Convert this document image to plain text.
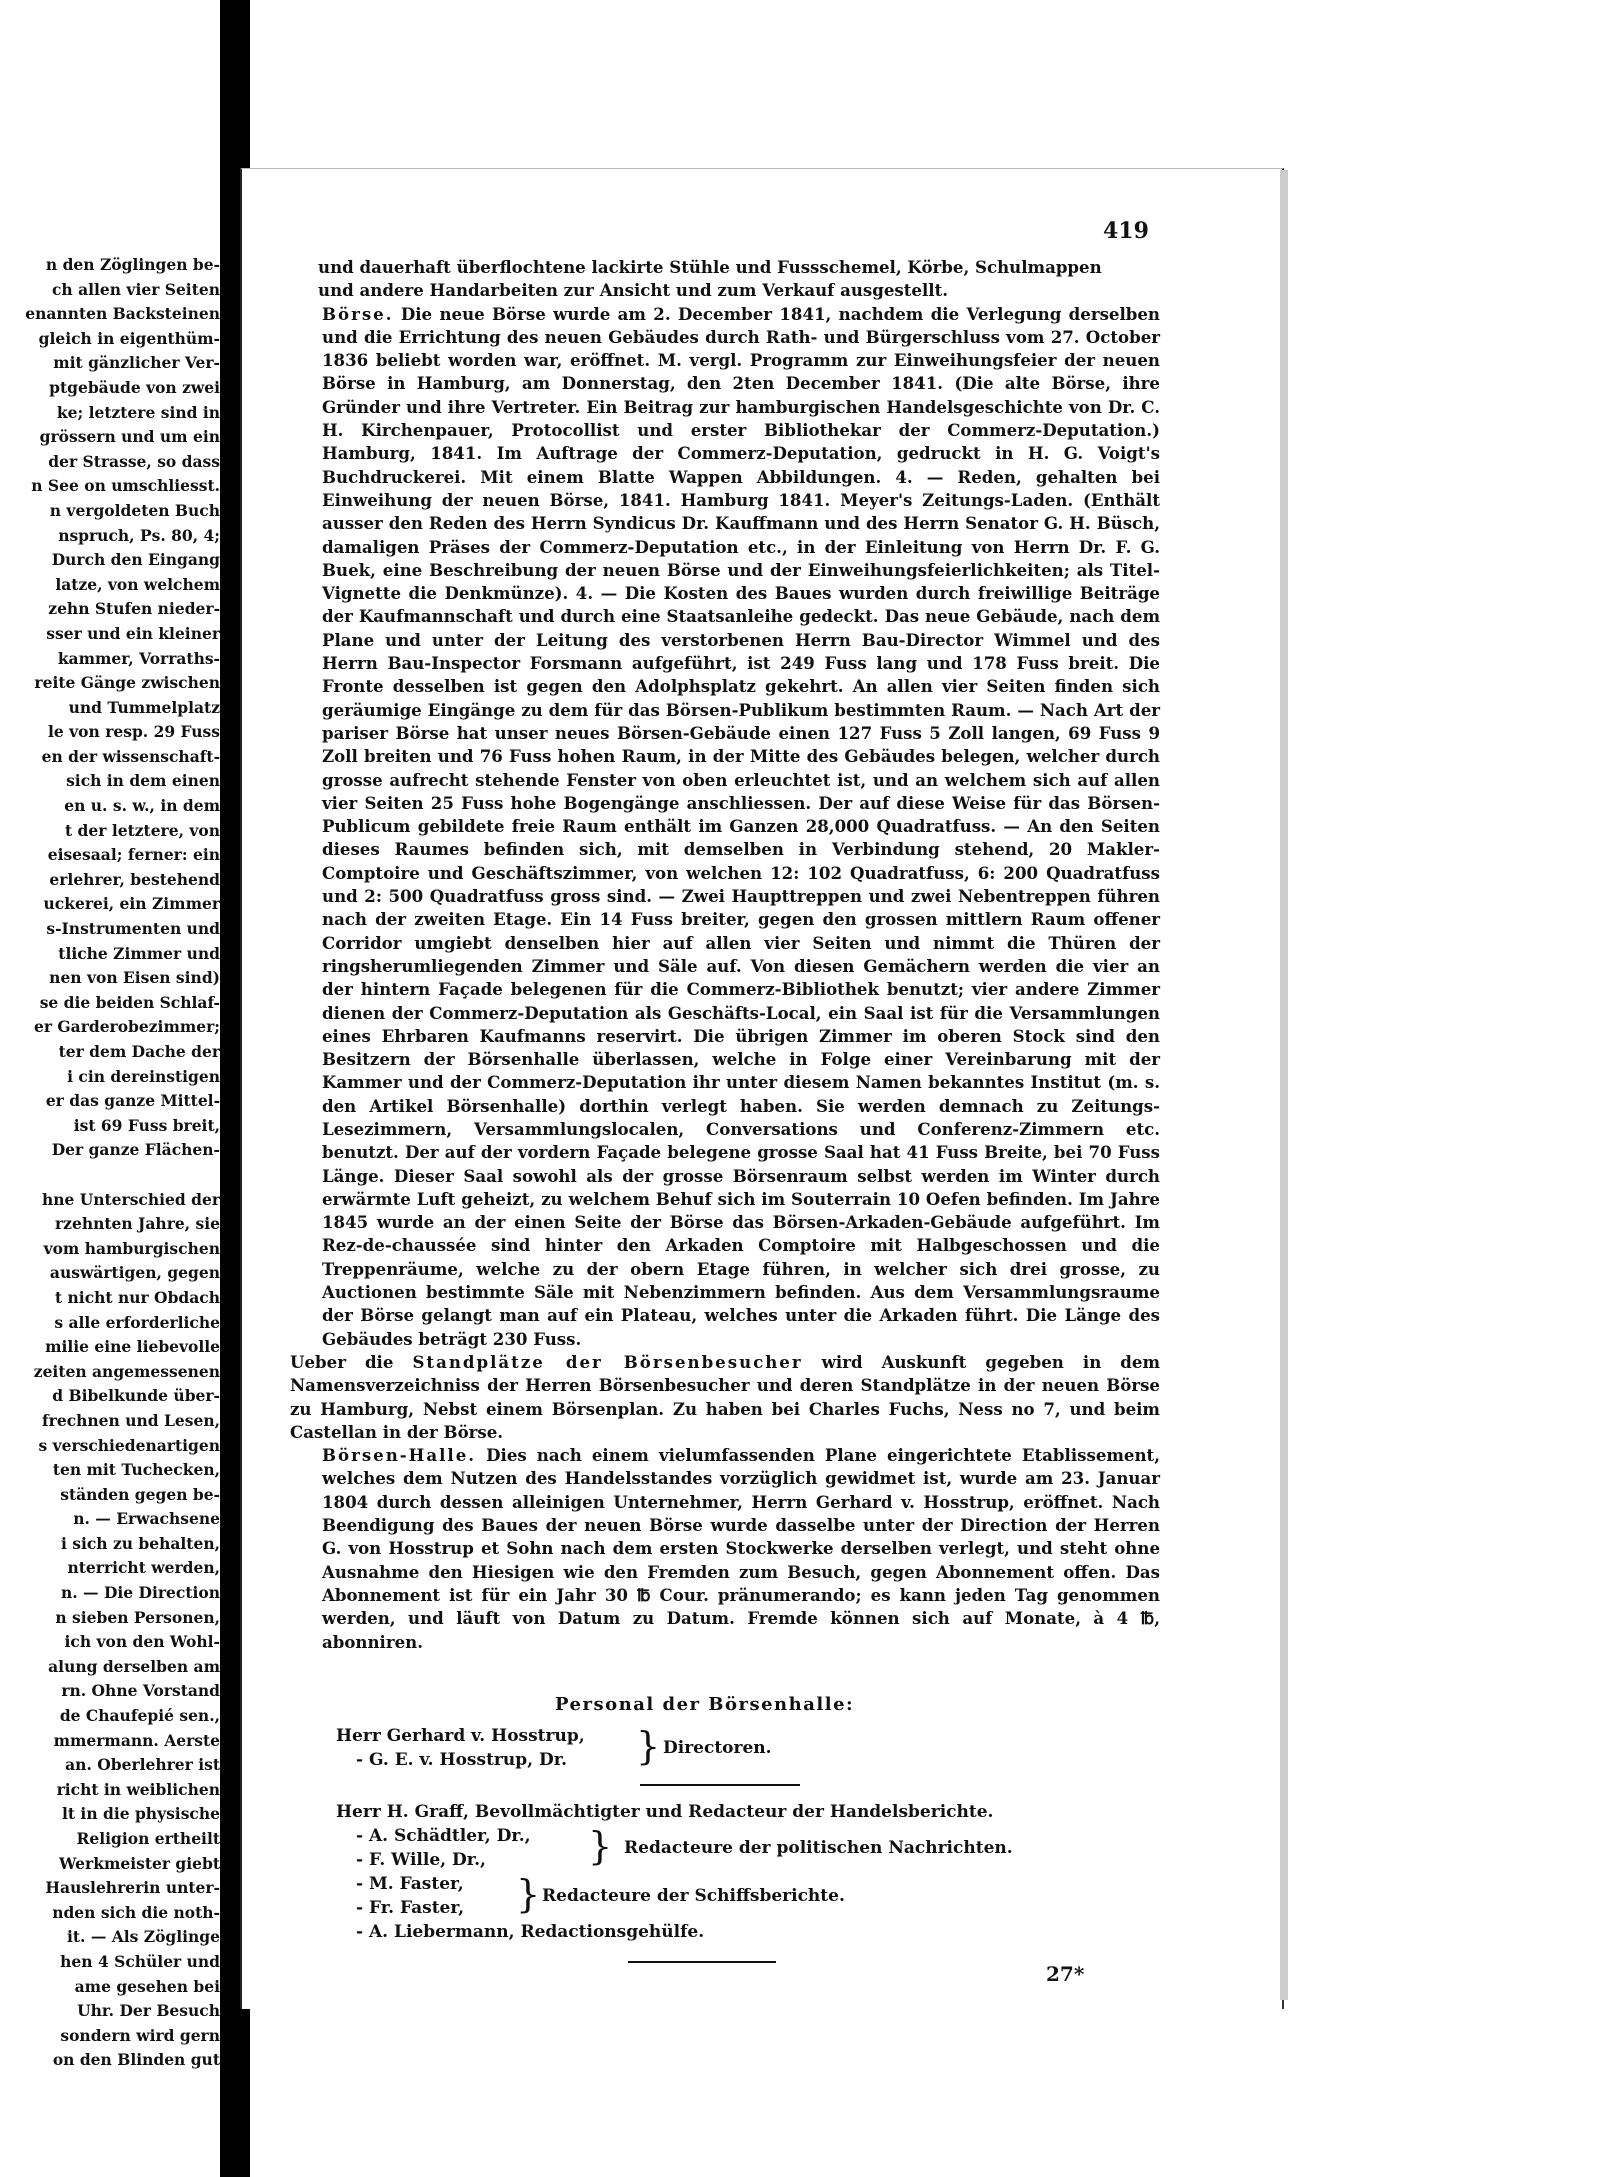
n den Zöglingen be-
ch allen vier Seiten
enannten Backsteinen
gleich in eigenthüm-
mit gänzlicher Ver-
ptgebäude von zwei
ke; letztere sind in
grössern und um ein
der Strasse, so dass
n See on umschliesst.
n vergoldeten Buch
nspruch, Ps. 80, 4;
Durch den Eingang
latze, von welchem
zehn Stufen nieder-
sser und ein kleiner
kammer, Vorraths-
reite Gänge zwischen
und Tummelplatz
le von resp. 29 Fuss
en der wissenschaft-
sich in dem einen
en u. s. w., in dem
t der letztere, von
eisesaal; ferner: ein
erlehrer, bestehend
uckerei, ein Zimmer
s-Instrumenten und
tliche Zimmer und
nen von Eisen sind)
se die beiden Schlaf-
er Garderobezimmer;
ter dem Dache der
i cin dereinstigen
er das ganze Mittel-
ist 69 Fuss breit,
Der ganze Flächen-
hne Unterschied der
rzehnten Jahre, sie
vom hamburgischen
auswärtigen, gegen
t nicht nur Obdach
s alle erforderliche
milie eine liebevolle
zeiten angemessenen
d Bibelkunde über-
frechnen und Lesen,
s verschiedenartigen
ten mit Tuchecken,
ständen gegen be-
n. — Erwachsene
i sich zu behalten,
nterricht werden,
n. — Die Direction
n sieben Personen,
ich von den Wohl-
alung derselben am
rn. Ohne Vorstand
de Chaufepié sen.,
mmermann. Aerste
an. Oberlehrer ist
richt in weiblichen
lt in die physische
Religion ertheilt
Werkmeister giebt
Hauslehrerin unter-
nden sich die noth-
it. — Als Zöglinge
hen 4 Schüler und
ame gesehen bei
Uhr. Der Besuch
sondern wird gern
on den Blinden gut
419

und dauerhaft überflochtene lackirte Stühle und Fussschemel, Körbe, Schulmappen

und andere Handarbeiten zur Ansicht und zum Verkauf ausgestellt.

Börse. Die neue Börse wurde am 2. December 1841, nachdem die Verlegung derselben und die Errichtung des neuen Gebäudes durch Rath- und Bürgerschluss vom 27. October 1836 beliebt worden war, eröffnet. M. vergl. Programm zur Einweihungsfeier der neuen Börse in Hamburg, am Donnerstag, den 2ten December 1841. (Die alte Börse, ihre Gründer und ihre Vertreter. Ein Beitrag zur hamburgischen Handelsgeschichte von Dr. C. H. Kirchenpauer, Protocollist und erster Bibliothekar der Commerz-Deputation.) Hamburg, 1841. Im Auftrage der Commerz-Deputation, gedruckt in H. G. Voigt's Buchdruckerei. Mit einem Blatte Wappen Abbildungen. 4. — Reden, gehalten bei Einweihung der neuen Börse, 1841. Hamburg 1841. Meyer's Zeitungs-Laden. (Enthält ausser den Reden des Herrn Syndicus Dr. Kauffmann und des Herrn Senator G. H. Büsch, damaligen Präses der Commerz-Deputation etc., in der Einleitung von Herrn Dr. F. G. Buek, eine Beschreibung der neuen Börse und der Einweihungsfeierlichkeiten; als Titel-Vignette die Denkmünze). 4. — Die Kosten des Baues wurden durch freiwillige Beiträge der Kaufmannschaft und durch eine Staatsanleihe gedeckt. Das neue Gebäude, nach dem Plane und unter der Leitung des verstorbenen Herrn Bau-Director Wimmel und des Herrn Bau-Inspector Forsmann aufgeführt, ist 249 Fuss lang und 178 Fuss breit. Die Fronte desselben ist gegen den Adolphsplatz gekehrt. An allen vier Seiten finden sich geräumige Eingänge zu dem für das Börsen-Publikum bestimmten Raum. — Nach Art der pariser Börse hat unser neues Börsen-Gebäude einen 127 Fuss 5 Zoll langen, 69 Fuss 9 Zoll breiten und 76 Fuss hohen Raum, in der Mitte des Gebäudes belegen, welcher durch grosse aufrecht stehende Fenster von oben erleuchtet ist, und an welchem sich auf allen vier Seiten 25 Fuss hohe Bogengänge anschliessen. Der auf diese Weise für das Börsen-Publicum gebildete freie Raum enthält im Ganzen 28,000 Quadratfuss. — An den Seiten dieses Raumes befinden sich, mit demselben in Verbindung stehend, 20 Makler-Comptoire und Geschäftszimmer, von welchen 12: 102 Quadratfuss, 6: 200 Quadratfuss und 2: 500 Quadratfuss gross sind. — Zwei Haupttreppen und zwei Nebentreppen führen nach der zweiten Etage. Ein 14 Fuss breiter, gegen den grossen mittlern Raum offener Corridor umgiebt denselben hier auf allen vier Seiten und nimmt die Thüren der ringsherumliegenden Zimmer und Säle auf. Von diesen Gemächern werden die vier an der hintern Façade belegenen für die Commerz-Bibliothek benutzt; vier andere Zimmer dienen der Commerz-Deputation als Geschäfts-Local, ein Saal ist für die Versammlungen eines Ehrbaren Kaufmanns reservirt. Die übrigen Zimmer im oberen Stock sind den Besitzern der Börsenhalle überlassen, welche in Folge einer Vereinbarung mit der Kammer und der Commerz-Deputation ihr unter diesem Namen bekanntes Institut (m. s. den Artikel Börsenhalle) dorthin verlegt haben. Sie werden demnach zu Zeitungs-Lesezimmern, Versammlungslocalen, Conversations und Conferenz-Zimmern etc. benutzt. Der auf der vordern Façade belegene grosse Saal hat 41 Fuss Breite, bei 70 Fuss Länge. Dieser Saal sowohl als der grosse Börsenraum selbst werden im Winter durch erwärmte Luft geheizt, zu welchem Behuf sich im Souterrain 10 Oefen befinden. Im Jahre 1845 wurde an der einen Seite der Börse das Börsen-Arkaden-Gebäude aufgeführt. Im Rez-de-chaussée sind hinter den Arkaden Comptoire mit Halbgeschossen und die Treppenräume, welche zu der obern Etage führen, in welcher sich drei grosse, zu Auctionen bestimmte Säle mit Nebenzimmern befinden. Aus dem Versammlungsraume der Börse gelangt man auf ein Plateau, welches unter die Arkaden führt. Die Länge des Gebäudes beträgt 230 Fuss.

Ueber die Standplätze der Börsenbesucher wird Auskunft gegeben in dem Namensverzeichniss der Herren Börsenbesucher und deren Standplätze in der neuen Börse zu Hamburg, Nebst einem Börsenplan. Zu haben bei Charles Fuchs, Ness no 7, und beim Castellan in der Börse.

Börsen-Halle. Dies nach einem vielumfassenden Plane eingerichtete Etablissement, welches dem Nutzen des Handelsstandes vorzüglich gewidmet ist, wurde am 23. Januar 1804 durch dessen alleinigen Unternehmer, Herrn Gerhard v. Hosstrup, eröffnet. Nach Beendigung des Baues der neuen Börse wurde dasselbe unter der Direction der Herren G. von Hosstrup et Sohn nach dem ersten Stockwerke derselben verlegt, und steht ohne Ausnahme den Hiesigen wie den Fremden zum Besuch, gegen Abonnement offen. Das Abonnement ist für ein Jahr 30 ℔ Cour. pränumerando; es kann jeden Tag genommen werden, und läuft von Datum zu Datum. Fremde können sich auf Monate, à 4 ℔, abonniren.

Personal der Börsenhalle:
Herr Gerhard v. Hosstrup,
- G. E. v. Hosstrup, Dr. } Directoren.
Herr H. Graff, Bevollmächtigter und Redacteur der Handelsberichte.
- A. Schädtler, Dr.,
- F. Wille, Dr.,	} Redacteure der politischen Nachrichten.
- M. Faster,
- Fr. Faster, } Redacteure der Schiffsberichte.
- A. Liebermann, Redactionsgehülfe.
27*
